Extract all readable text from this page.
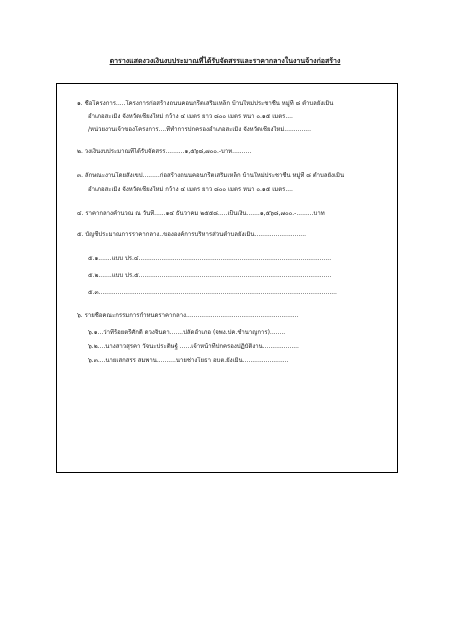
ตารางแสดงวงเงินงบประมาณที่ได้รับจัดสรรและราคากลางในงานจ้างก่อสร้าง
๑. ชื่อโครงการ.....โครงการก่อสร้างถนนคอนกรีตเสริมเหล็ก บ้านใหม่ประชาชื่น หมู่ที่ ๘ ตำบลยั้งเมิน
อำเภอสะเมิง จังหวัดเชียงใหม่ กว้าง ๔ เมตร ยาว ๘๐๐ เมตร หนา ๐.๑๕ เมตร....
/หน่วยงานเจ้าของโครงการ....ที่ทำการปกครองอำเภอสะเมิง จังหวัดเชียงใหม่..............
๒. วงเงินงบประมาณที่ได้รับจัดสรร..........๑,๕๖๘,๗๐๐.-บาท..........
๓. ลักษณะงานโดยสังเขป.........ก่อสร้างถนนคอนกรีตเสริมเหล็ก บ้านใหม่ประชาชื่น หมู่ที่ ๘ ตำบลยั้งเมิน
อำเภอสะเมิง จังหวัดเชียงใหม่ กว้าง ๔ เมตร ยาว ๘๐๐ เมตร หนา ๐.๑๕ เมตร....
๔. ราคากลางคำนวณ ณ วันที่......๑๔ ธันวาคม ๒๕๕๘.....เป็นเงิน.......๑,๕๖๘,๗๐๐.-.........บาท
๕. บัญชีประมาณการราคากลาง..ขององค์การบริหารส่วนตำบลยั้งเมิน...........................
๕.๑.......แบบ ปร.๔.....................................................................................................
๕.๒.......แบบ ปร.๕.....................................................................................................
๕.๓.............................................................................................................................
๖. รายชื่อคณะกรรมการกำหนดราคากลาง...........................................................
๖.๑...ว่าที่ร้อยตรีศักดิ์ ดวงจินดา.......ปลัดอำเภอ (จพง.ปค.ชำนาญการ)........
๖.๒....นางสาวสุรคา วัจนะประดิษฐ์ ......เจ้าหน้าที่ปกครองปฏิบัติงาน...................
๖.๓....นายเสกสรร สมพาน..........นายช่างโยธา อบต.ยั้งเมิน........................
